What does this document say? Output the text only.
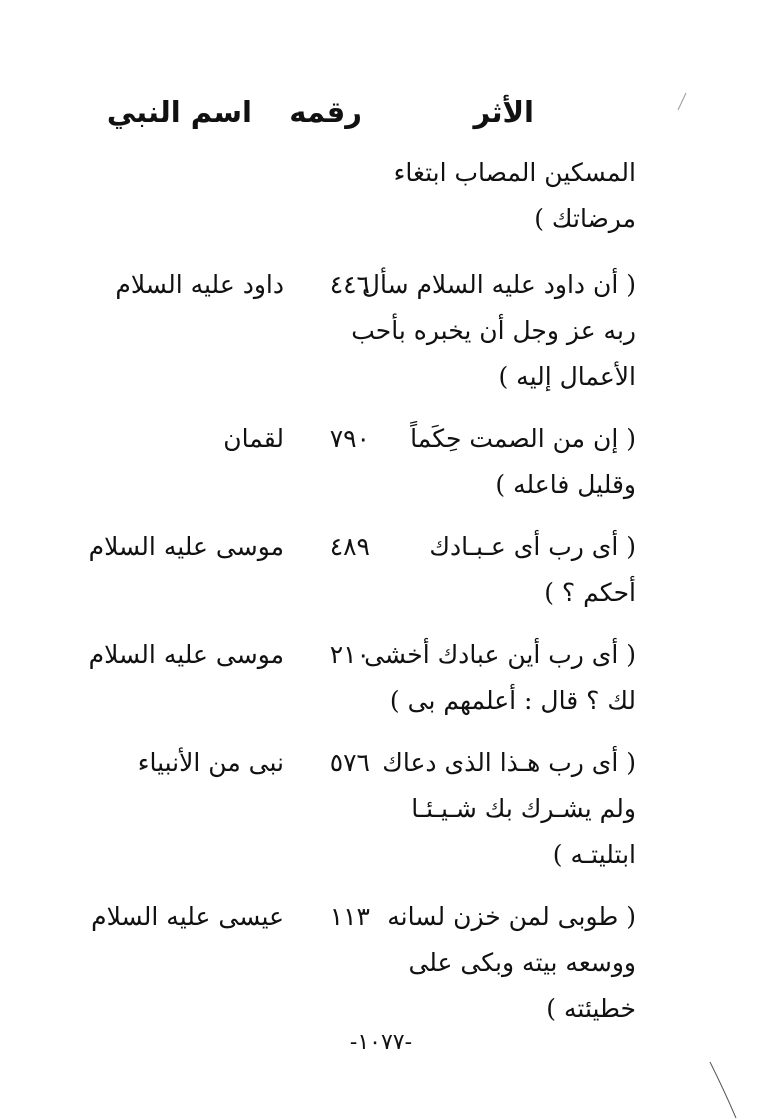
الأثر
رقمه
اسم النبي
المسكين المصاب ابتغاء
مرضاتك )
( أن داود عليه السلام سأل
ربه عز وجل أن يخبره بأحب
الأعمال إليه )
٤٤٦
داود عليه السلام
( إن من الصمت حِكَماً
وقليل فاعله )
٧٩٠
لقمان
( أى رب أى عـبـادك
أحكم ؟ )
٤٨٩
موسى عليه السلام
( أى رب أين عبادك أخشى
لك ؟ قال : أعلمهم بى )
٢١٠
موسى عليه السلام
( أى رب هـذا الذى دعاك
ولم يشـرك بك شـيـئـا
ابتليتـه )
٥٧٦
نبى من الأنبياء
( طوبى لمن خزن لسانه
ووسعه بيته وبكى على
خطيئته )
١١٣
عيسى عليه السلام
-١٠٧٧-
